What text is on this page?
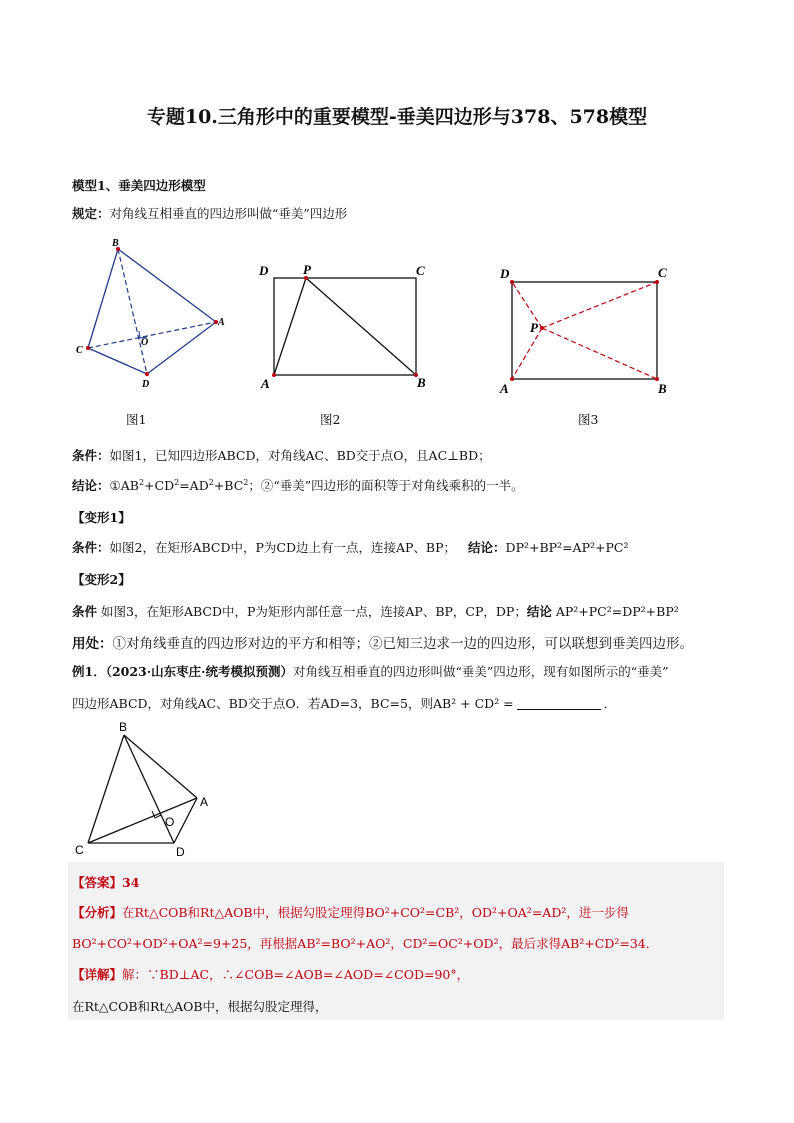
专题10.三角形中的重要模型-垂美四边形与378、578模型
模型1、垂美四边形模型
规定：对角线互相垂直的四边形叫做“垂美”四边形
B
A
C
D
O
图1
D	P	C
A	B
图2
D	C
P
A	B
图3
条件：如图1，已知四边形ABCD，对角线AC、BD交于点O，且AC⊥BD；
结论：$①AB^2+CD^2=AD^2+BC^2$；②“垂美”四边形的面积等于对角线乘积的一半。
【变形1】
条件：如图2，在矩形ABCD中，P为CD边上有一点，连接AP、BP； 结论：DP²+BP²=AP²+PC²
【变形2】
条件 如图3，在矩形ABCD中，P为矩形内部任意一点，连接AP、BP，CP，DP；结论 AP²+PC²=DP²+BP²
用处：①对角线垂直的四边形对边的平方和相等；②已知三边求一边的四边形，可以联想到垂美四边形。
例1．（2023·山东枣庄·统考模拟预测）对角线互相垂直的四边形叫做“垂美”四边形，现有如图所示的“垂美”
四边形ABCD，对角线AC、BD交于点O．若AD=3，BC=5，则AB² + CD² =	．
B
A
O
C	D
【答案】34
【分析】在Rt△COB和Rt△AOB中，根据勾股定理得BO²+CO²=CB²，OD²+OA²=AD²，进一步得
BO²+CO²+OD²+OA²=9+25，再根据AB²=BO²+AO²，CD²=OC²+OD²，最后求得AB²+CD²=34．
【详解】解：∵BD⊥AC，∴∠COB=∠AOB=∠AOD=∠COD=90°，
在Rt△COB和Rt△AOB中，根据勾股定理得，
